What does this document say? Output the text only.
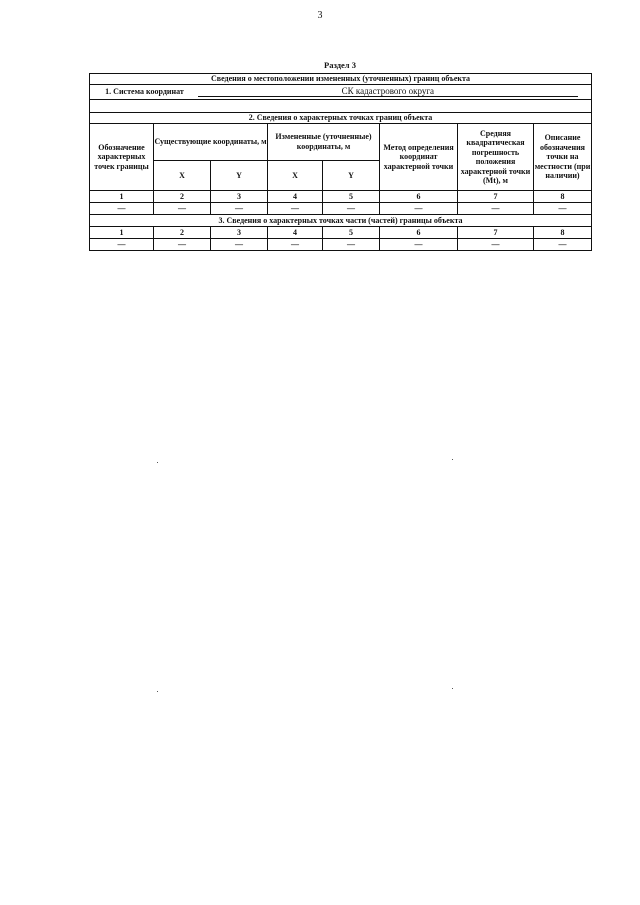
3
Раздел 3
Сведения о местоположении измененных (уточненных) границ объекта							
1. Система координат СК кадастрового округа							

2. Сведения о характерных точках границ объекта							
Обозначение характерных точек границы	Существующие координаты, м		Измененные (уточненные) координаты, м		Метод определения координат характерной точки	Средняя квадратическая погрешность положения характерной точки (Mt), м	Описание обозначения точки на местности (при наличии)
	X	Y	X	Y			
1	2	3	4	5	6	7	8
—	—	—	—	—	—	—	—
3. Сведения о характерных точках части (частей) границы объекта							
1	2	3	4	5	6	7	8
—	—	—	—	—	—	—	—
